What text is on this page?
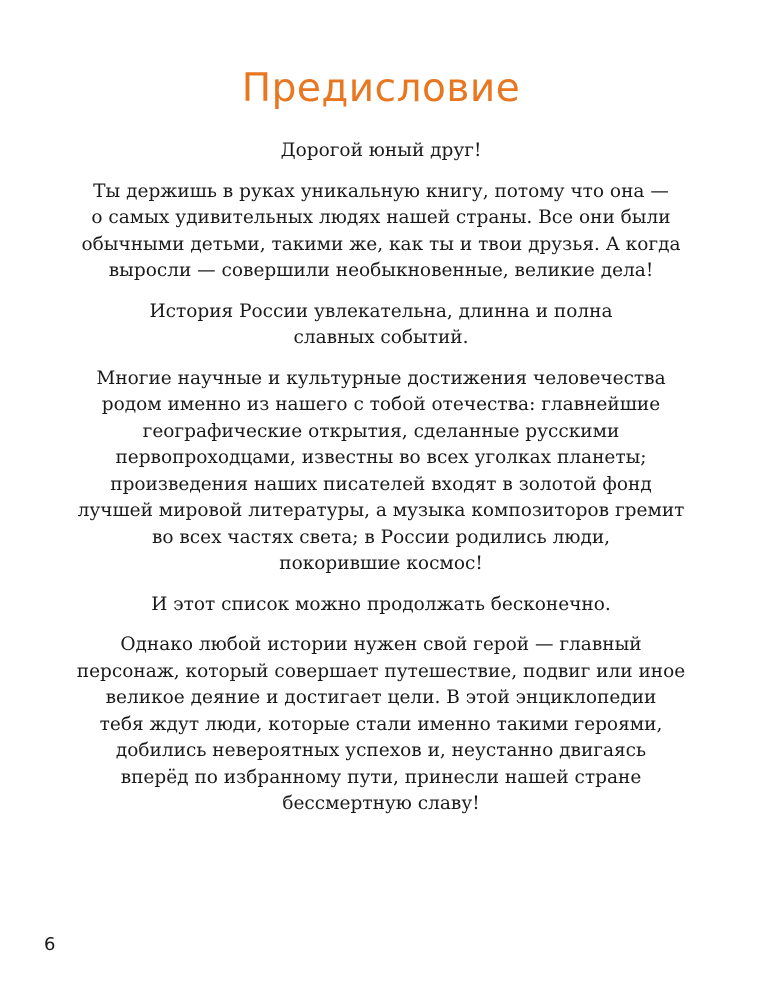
Предисловие

Дорогой юный друг!

Ты держишь в руках уникальную книгу, потому что она —
о самых удивительных людях нашей страны. Все они были
обычными детьми, такими же, как ты и твои друзья. А когда
выросли — совершили необыкновенные, великие дела!

История России увлекательна, длинна и полна
славных событий.

Многие научные и культурные достижения человечества
родом именно из нашего с тобой отечества: главнейшие
географические открытия, сделанные русскими
первопроходцами, известны во всех уголках планеты;
произведения наших писателей входят в золотой фонд
лучшей мировой литературы, а музыка композиторов гремит
во всех частях света; в России родились люди,
покорившие космос!

И этот список можно продолжать бесконечно.

Однако любой истории нужен свой герой — главный
персонаж, который совершает путешествие, подвиг или иное
великое деяние и достигает цели. В этой энциклопедии
тебя ждут люди, которые стали именно такими героями,
добились невероятных успехов и, неустанно двигаясь
вперёд по избранному пути, принесли нашей стране
бессмертную славу!

6
